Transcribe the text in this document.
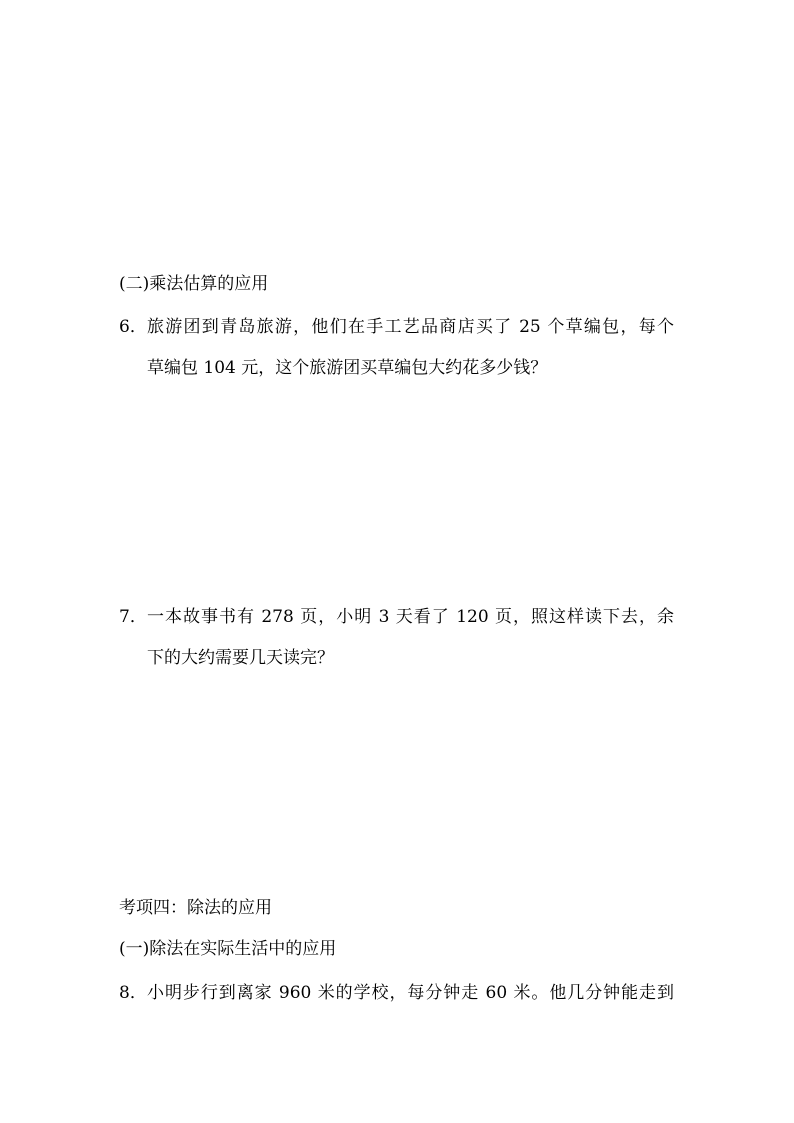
(二)乘法估算的应用
6． 旅游团到青岛旅游，他们在手工艺品商店买了 25 个草编包，每个
草编包 104 元，这个旅游团买草编包大约花多少钱？
7． 一本故事书有 278 页，小明 3 天看了 120 页，照这样读下去，余
下的大约需要几天读完？
考项四：除法的应用
(一)除法在实际生活中的应用
8． 小明步行到离家 960 米的学校，每分钟走 60 米。他几分钟能走到
